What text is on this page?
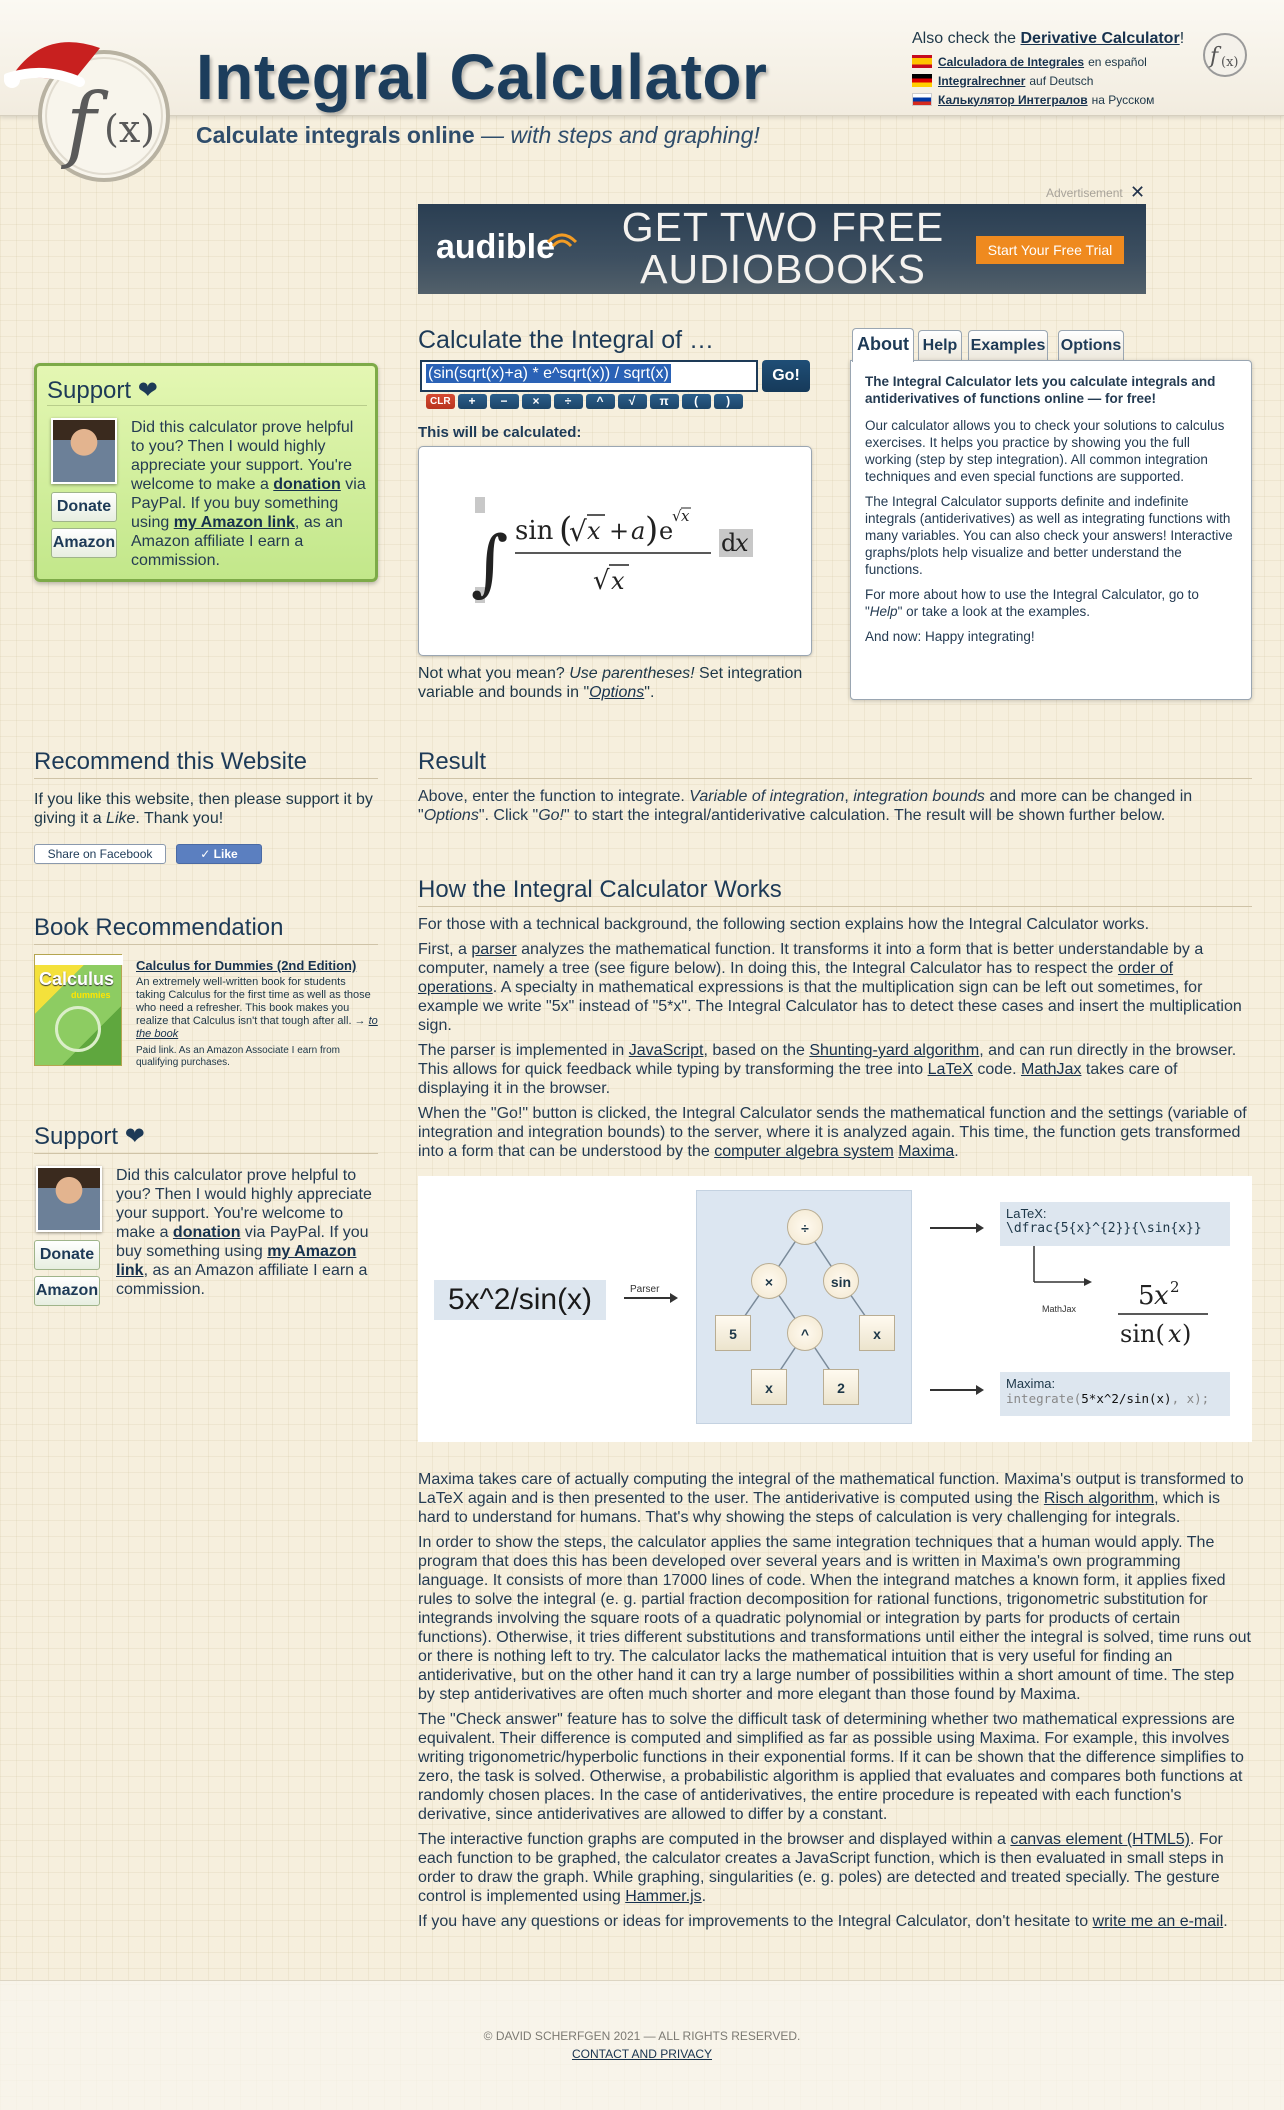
Integral Calculator
Also check the Derivative Calculator!
Calculadora de Integrales en español
Integralrechner auf Deutsch
Калькулятор Интегралов на Русском
f (x)
f (x) Calculate integrals online — with steps and graphing!
Advertisement ✕
audible GET TWO FREE
AUDIOBOOKS	Start Your Free Trial
Support ❤
Donate
Amazon
Did this calculator prove helpful to you? Then I would highly appreciate your support. You're welcome to make a donation via PayPal. If you buy something using my Amazon link, as an Amazon affiliate I earn a commission.
Calculate the Integral of …
(sin(sqrt(x)+a) * e^sqrt(x)) / sqrt(x)	Go!
CLR	+	−	×	÷	^	√	π	(	)
This will be calculated:
∫ sin (
√ x + a ) e
√ x
√ x
d
x
Not what you mean? Use parentheses! Set integration variable and bounds in "Options".
About Help Examples Options

The Integral Calculator lets you calculate integrals and antiderivatives of functions online — for free!

Our calculator allows you to check your solutions to calculus exercises. It helps you practice by showing you the full working (step by step integration). All common integration techniques and even special functions are supported.

The Integral Calculator supports definite and indefinite integrals (antiderivatives) as well as integrating functions with many variables. You can also check your answers! Interactive graphs/plots help visualize and better understand the functions.

For more about how to use the Integral Calculator, go to "Help" or take a look at the examples.

And now: Happy integrating!

Recommend this Website
If you like this website, then please support it by giving it a Like. Thank you!
Share on Facebook	✓ Like
Book Recommendation
Calculus
dummies
Calculus for Dummies (2nd Edition)
An extremely well-written book for students taking Calculus for the first time as well as those who need a refresher. This book makes you realize that Calculus isn't that tough after all. → to the book
Paid link. As an Amazon Associate I earn from qualifying purchases.
Support ❤
Donate
Amazon
Did this calculator prove helpful to you? Then I would highly appreciate your support. You're welcome to make a donation via PayPal. If you buy something using my Amazon link, as an Amazon affiliate I earn a commission.
Result

Above, enter the function to integrate. Variable of integration, integration bounds and more can be changed in "Options". Click "Go!" to start the integral/antiderivative calculation. The result will be shown further below.

How the Integral Calculator Works

For those with a technical background, the following section explains how the Integral Calculator works.

First, a parser analyzes the mathematical function. It transforms it into a form that is better understandable by a computer, namely a tree (see figure below). In doing this, the Integral Calculator has to respect the order of operations. A specialty in mathematical expressions is that the multiplication sign can be left out sometimes, for example we write "5x" instead of "5*x". The Integral Calculator has to detect these cases and insert the multiplication sign.

The parser is implemented in JavaScript, based on the Shunting-yard algorithm, and can run directly in the browser. This allows for quick feedback while typing by transforming the tree into LaTeX code. MathJax takes care of displaying it in the browser.

When the "Go!" button is clicked, the Integral Calculator sends the mathematical function and the settings (variable of integration and integration bounds) to the server, where it is analyzed again. This time, the function gets transformed into a form that can be understood by the computer algebra system Maxima.

5x^2/sin(x)	Parser
÷
×	sin
5	^	x
x	2
LaTeX:
\dfrac{5{x}^{2}}{\sin{x}}
MathJax 5 x 2
sin( x )
Maxima:
integrate(5*x^2/sin(x), x);

Maxima takes care of actually computing the integral of the mathematical function. Maxima's output is transformed to LaTeX again and is then presented to the user. The antiderivative is computed using the Risch algorithm, which is hard to understand for humans. That's why showing the steps of calculation is very challenging for integrals.

In order to show the steps, the calculator applies the same integration techniques that a human would apply. The program that does this has been developed over several years and is written in Maxima's own programming language. It consists of more than 17000 lines of code. When the integrand matches a known form, it applies fixed rules to solve the integral (e. g. partial fraction decomposition for rational functions, trigonometric substitution for integrands involving the square roots of a quadratic polynomial or integration by parts for products of certain functions). Otherwise, it tries different substitutions and transformations until either the integral is solved, time runs out or there is nothing left to try. The calculator lacks the mathematical intuition that is very useful for finding an antiderivative, but on the other hand it can try a large number of possibilities within a short amount of time. The step by step antiderivatives are often much shorter and more elegant than those found by Maxima.

The "Check answer" feature has to solve the difficult task of determining whether two mathematical expressions are equivalent. Their difference is computed and simplified as far as possible using Maxima. For example, this involves writing trigonometric/hyperbolic functions in their exponential forms. If it can be shown that the difference simplifies to zero, the task is solved. Otherwise, a probabilistic algorithm is applied that evaluates and compares both functions at randomly chosen places. In the case of antiderivatives, the entire procedure is repeated with each function's derivative, since antiderivatives are allowed to differ by a constant.

The interactive function graphs are computed in the browser and displayed within a canvas element (HTML5). For each function to be graphed, the calculator creates a JavaScript function, which is then evaluated in small steps in order to draw the graph. While graphing, singularities (e. g. poles) are detected and treated specially. The gesture control is implemented using Hammer.js.

If you have any questions or ideas for improvements to the Integral Calculator, don't hesitate to write me an e-mail.

© DAVID SCHERFGEN 2021 — ALL RIGHTS RESERVED.
CONTACT AND PRIVACY
